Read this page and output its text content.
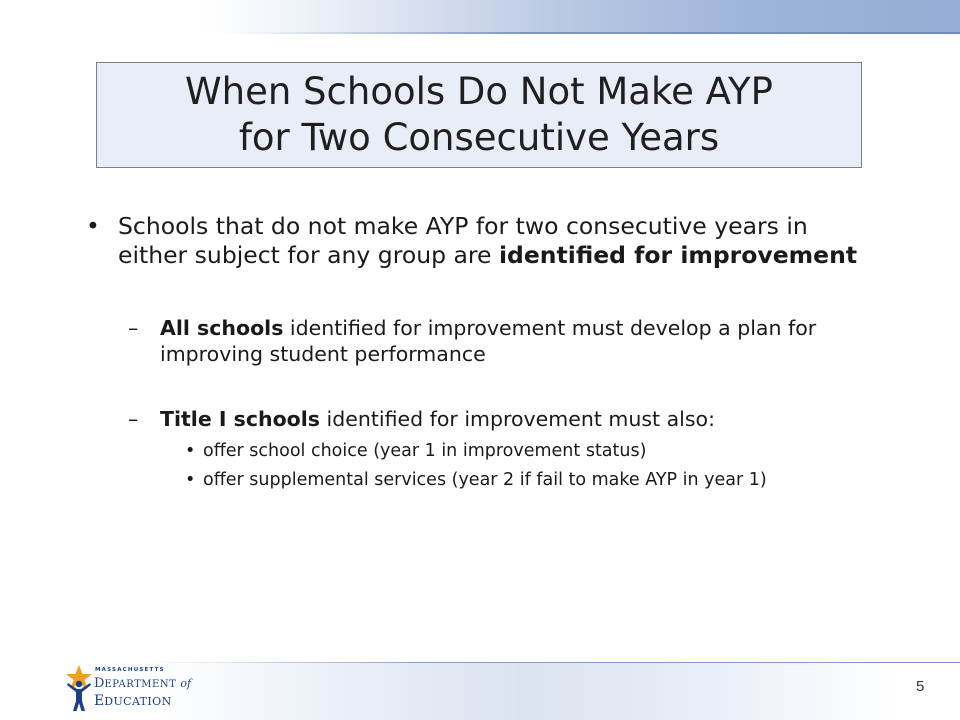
When Schools Do Not Make AYP
for Two Consecutive Years
• Schools that do not make AYP for two consecutive years in either subject for any group are identified for improvement
– All schools identified for improvement must develop a plan for improving student performance
– Title I schools identified for improvement must also:
• offer school choice (year 1 in improvement status)
• offer supplemental services (year 2 if fail to make AYP in year 1)
MASSACHUSETTS
DEPARTMENT of
EDUCATION
5
